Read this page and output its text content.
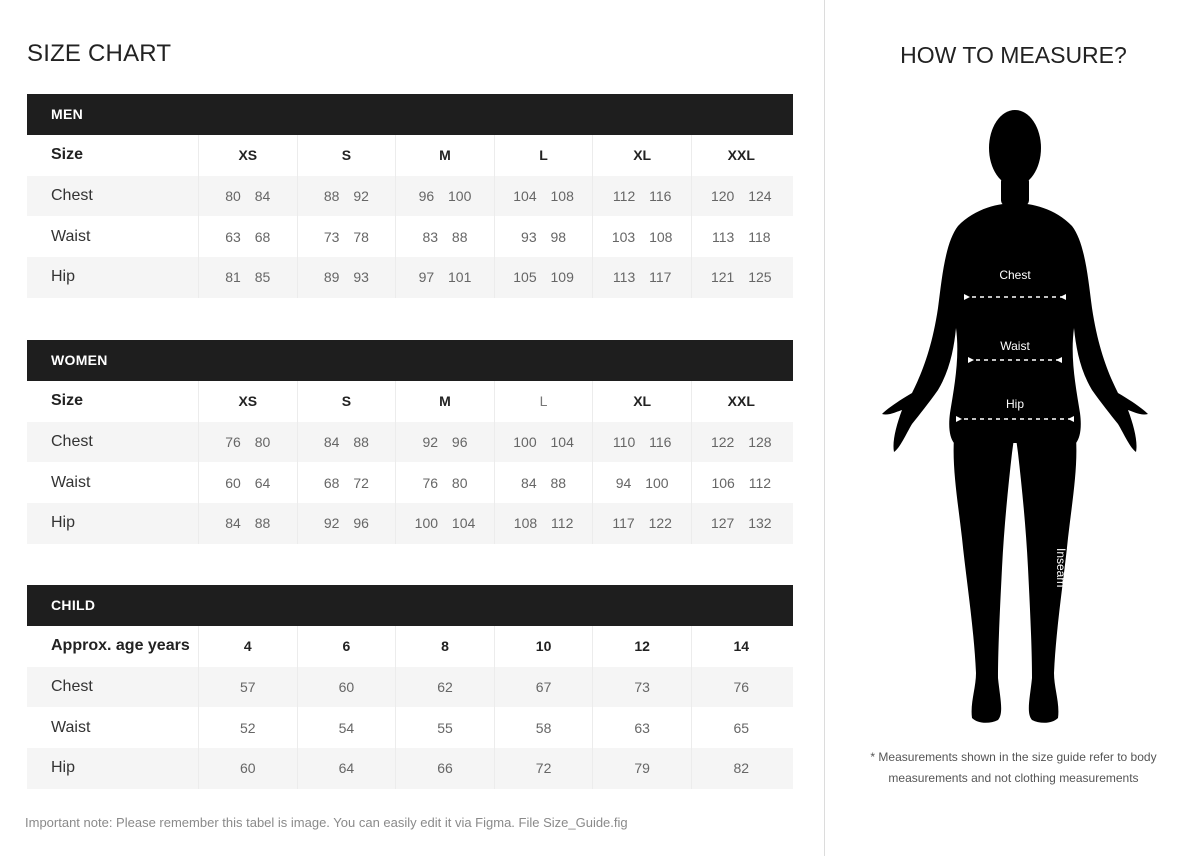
SIZE CHART
MEN
Size	XS	S	M	L	XL	XXL
Chest	80 84	88 92	96 100	104 108	112 116	120 124
Waist	63 68	73 78	83 88	93 98	103 108	113 118
Hip	81 85	89 93	97 101	105 109	113 117	121 125
WOMEN
Size	XS	S	M	L	XL	XXL
Chest	76 80	84 88	92 96	100 104	110 116	122 128
Waist	60 64	68 72	76 80	84 88	94 100	106 112
Hip	84 88	92 96	100 104	108 112	117 122	127 132
CHILD
Approx. age years	4	6	8	10	12	14
Chest	57	60	62	67	73	76
Waist	52	54	55	58	63	65
Hip	60	64	66	72	79	82
Important note: Please remember this tabel is image. You can easily edit it via Figma. File Size_Guide.fig
HOW TO MEASURE?
Chest
Waist
Hip
Inseam
* Measurements shown in the size guide refer to body
measurements and not clothing measurements
